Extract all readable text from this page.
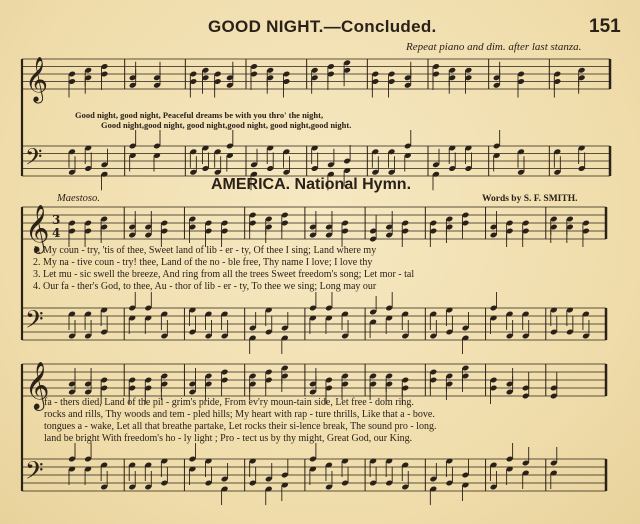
𝄞
𝄢
𝄞
𝄢
𝄞
𝄢
3
4
GOOD NIGHT.—Concluded.	151
Repeat piano and dim. after last stanza.
Good night, good night, Peaceful dreams be with you thro' the night,
Good night,good night, good night,good night, good night,good night.
AMERICA. National Hymn.
Maestoso.	Words by S. F. SMITH.
1. My coun - try, 'tis of thee, Sweet land of lib - er - ty, Of thee I sing; Land where my
2. My na - tive coun - try! thee, Land of the no - ble free, Thy name I love; I love thy
3. Let mu - sic swell the breeze, And ring from all the trees Sweet freedom's song; Let mor - tal
4. Our fa - ther's God, to thee, Au - thor of lib - er - ty, To thee we sing; Long may our
fa - thers died, Land of the pil - grim's pride, From ev'ry moun-tain side, Let free - dom ring.
rocks and rills, Thy woods and tem - pled hills; My heart with rap - ture thrills, Like that a - bove.
tongues a - wake, Let all that breathe partake, Let rocks their si-lence break, The sound pro - long.
land be bright With freedom's ho - ly light ; Pro - tect us by thy might, Great God, our King.
